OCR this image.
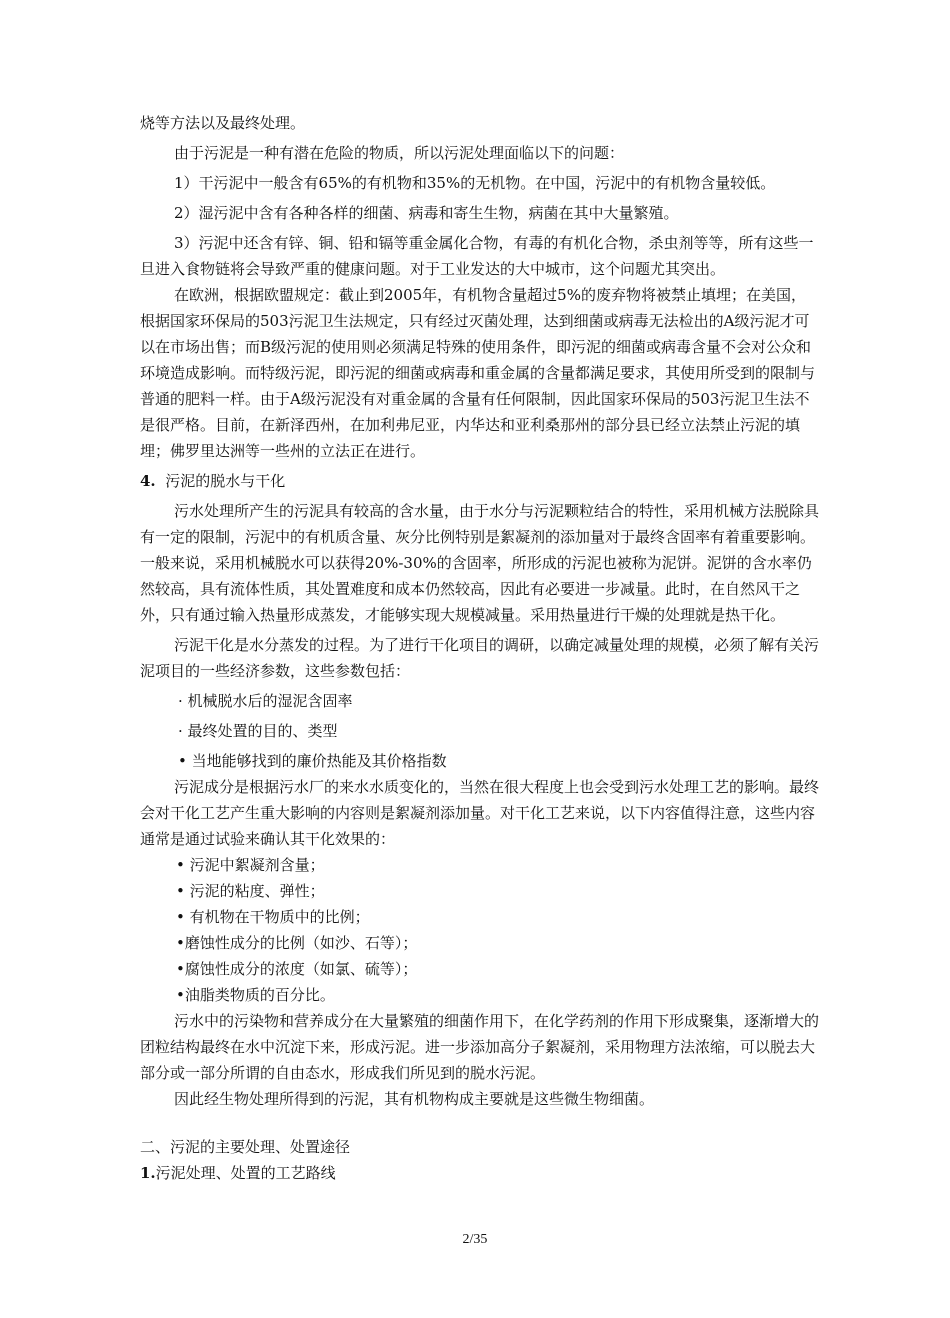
烧等方法以及最终处理。

由于污泥是一种有潜在危险的物质，所以污泥处理面临以下的问题：

1）干污泥中一般含有65%的有机物和35%的无机物。在中国，污泥中的有机物含量较低。

2）湿污泥中含有各种各样的细菌、病毒和寄生生物，病菌在其中大量繁殖。

3）污泥中还含有锌、铜、铅和镉等重金属化合物，有毒的有机化合物，杀虫剂等等，所有这些一旦进入食物链将会导致严重的健康问题。对于工业发达的大中城市，这个问题尤其突出。

在欧洲，根据欧盟规定：截止到2005年，有机物含量超过5%的废弃物将被禁止填埋；在美国，根据国家环保局的503污泥卫生法规定，只有经过灭菌处理，达到细菌或病毒无法检出的A级污泥才可以在市场出售；而B级污泥的使用则必须满足特殊的使用条件，即污泥的细菌或病毒含量不会对公众和环境造成影响。而特级污泥，即污泥的细菌或病毒和重金属的含量都满足要求，其使用所受到的限制与普通的肥料一样。由于A级污泥没有对重金属的含量有任何限制，因此国家环保局的503污泥卫生法不是很严格。目前，在新泽西州，在加利弗尼亚，内华达和亚利桑那州的部分县已经立法禁止污泥的填埋；佛罗里达洲等一些州的立法正在进行。

4. 污泥的脱水与干化

污水处理所产生的污泥具有较高的含水量，由于水分与污泥颗粒结合的特性，采用机械方法脱除具有一定的限制，污泥中的有机质含量、灰分比例特别是絮凝剂的添加量对于最终含固率有着重要影响。一般来说，采用机械脱水可以获得20%-30%的含固率，所形成的污泥也被称为泥饼。泥饼的含水率仍然较高，具有流体性质，其处置难度和成本仍然较高，因此有必要进一步减量。此时，在自然风干之外，只有通过输入热量形成蒸发，才能够实现大规模减量。采用热量进行干燥的处理就是热干化。

污泥干化是水分蒸发的过程。为了进行干化项目的调研，以确定减量处理的规模，必须了解有关污泥项目的一些经济参数，这些参数包括：

· 机械脱水后的湿泥含固率

· 最终处置的目的、类型

• 当地能够找到的廉价热能及其价格指数

污泥成分是根据污水厂的来水水质变化的，当然在很大程度上也会受到污水处理工艺的影响。最终会对干化工艺产生重大影响的内容则是絮凝剂添加量。对干化工艺来说，以下内容值得注意，这些内容通常是通过试验来确认其干化效果的：

• 污泥中絮凝剂含量；

• 污泥的粘度、弹性；

• 有机物在干物质中的比例；

•磨蚀性成分的比例（如沙、石等）；

•腐蚀性成分的浓度（如氯、硫等）；

•油脂类物质的百分比。

污水中的污染物和营养成分在大量繁殖的细菌作用下，在化学药剂的作用下形成聚集，逐渐增大的团粒结构最终在水中沉淀下来，形成污泥。进一步添加高分子絮凝剂，采用物理方法浓缩，可以脱去大部分或一部分所谓的自由态水，形成我们所见到的脱水污泥。

因此经生物处理所得到的污泥，其有机物构成主要就是这些微生物细菌。

二、污泥的主要处理、处置途径

1.污泥处理、处置的工艺路线

2/35
